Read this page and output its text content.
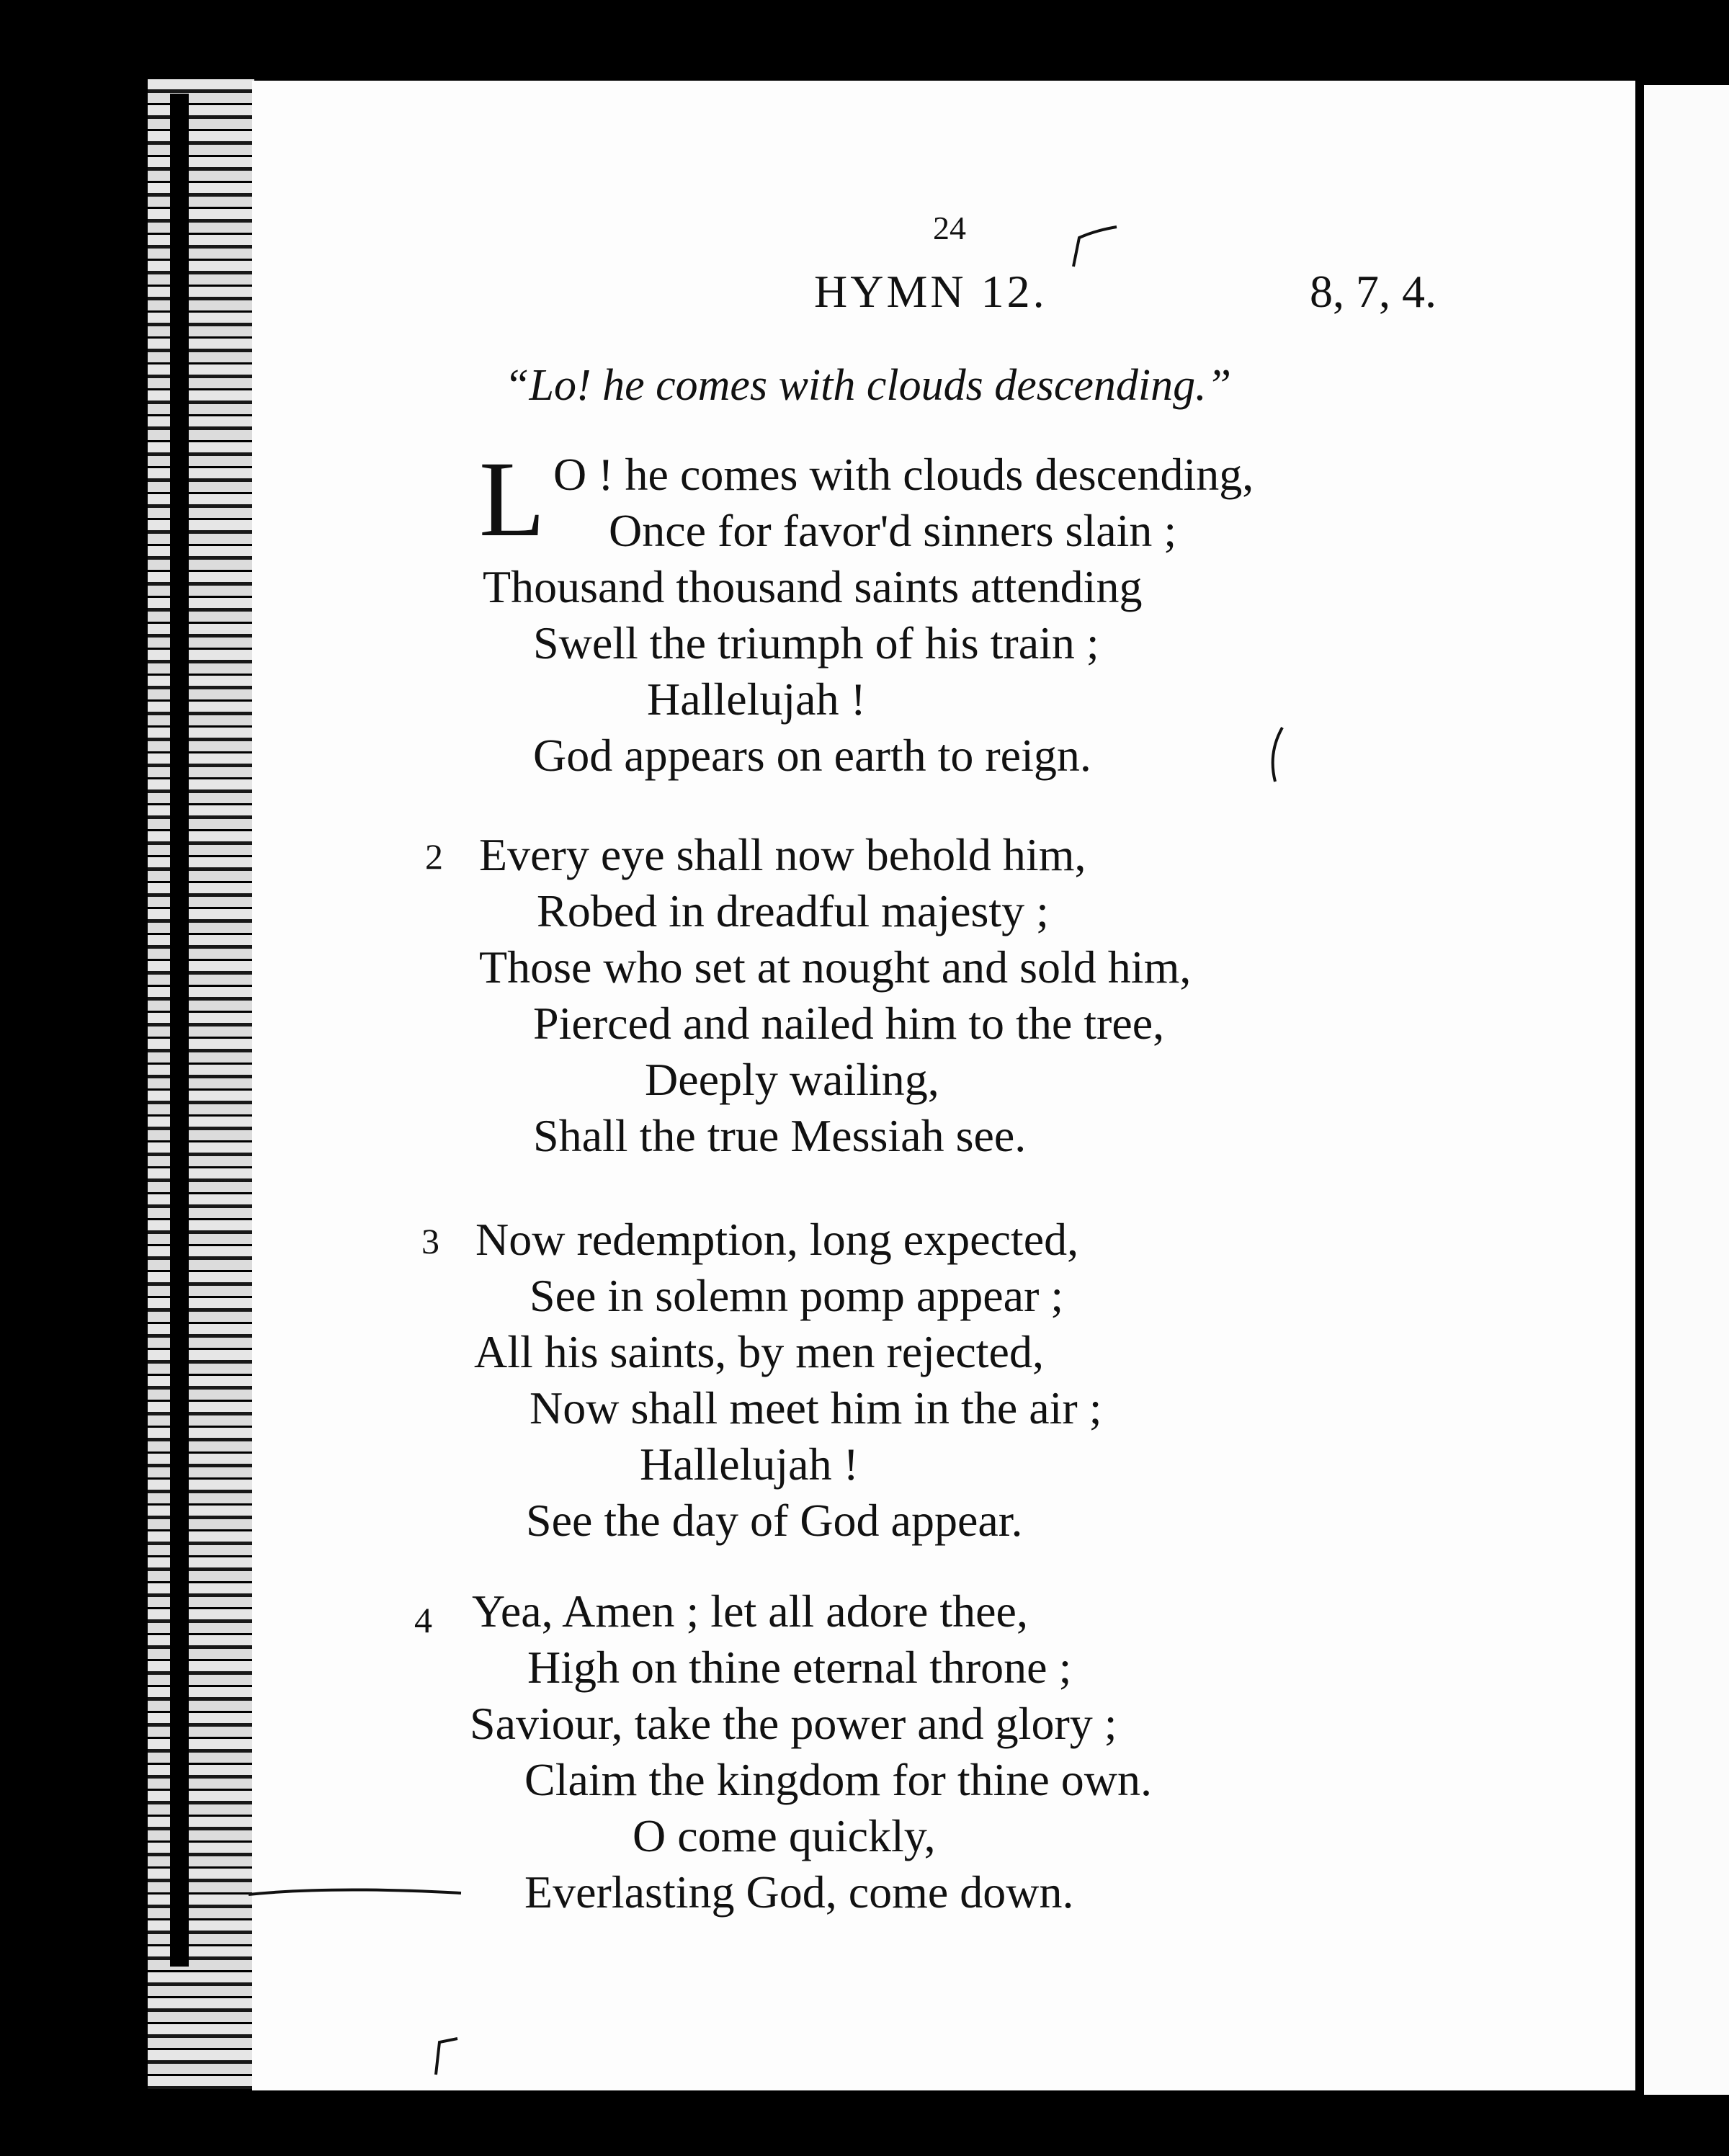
24
HYMN 12.	8, 7, 4.
“Lo! he comes with clouds descending.”
L O ! he comes with clouds descending,
Once for favor'd sinners slain ;
Thousand thousand saints attending
Swell the triumph of his train ;
Hallelujah !
God appears on earth to reign.
2 Every eye shall now behold him,
Robed in dreadful majesty ;
Those who set at nought and sold him,
Pierced and nailed him to the tree,
Deeply wailing,
Shall the true Messiah see.
3 Now redemption, long expected,
See in solemn pomp appear ;
All his saints, by men rejected,
Now shall meet him in the air ;
Hallelujah !
See the day of God appear.
4 Yea, Amen ; let all adore thee,
High on thine eternal throne ;
Saviour, take the power and glory ;
Claim the kingdom for thine own.
O come quickly,
Everlasting God, come down.
